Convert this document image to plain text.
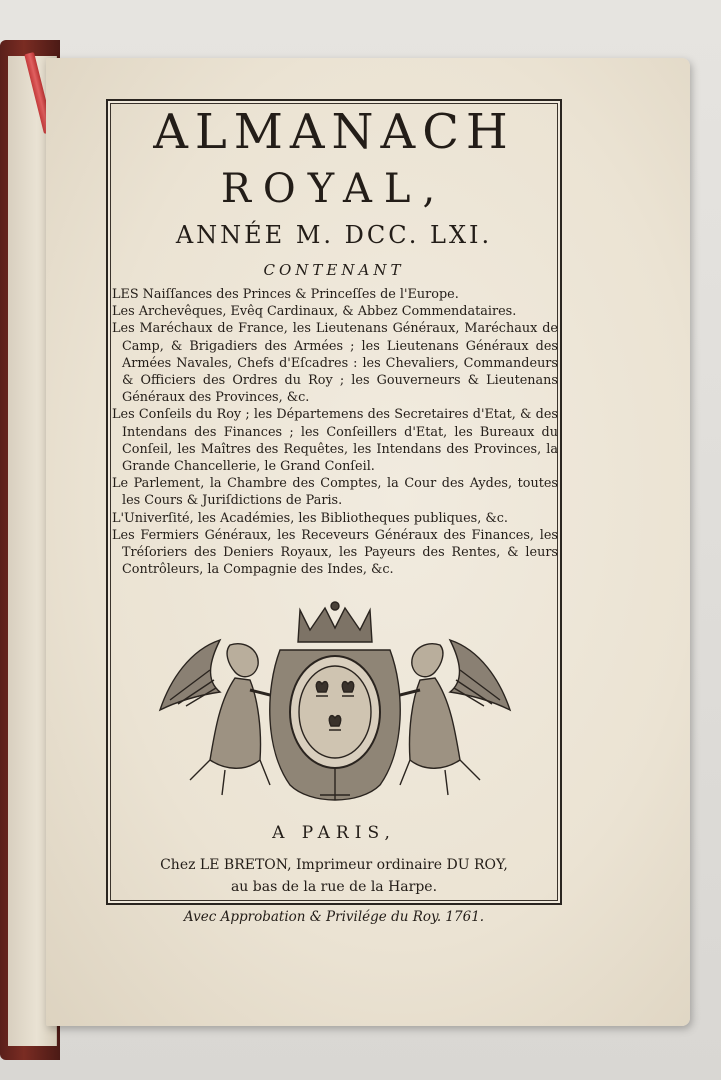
ALMANACH
ROYAL,
ANNÉE M. DCC. LXI.
CONTENANT
LES Naiſſances des Princes & Princeſſes de l'Europe.
Les Archevêques, Evêq Cardinaux, & Abbez Commendataires.
Les Maréchaux de France, les Lieutenans Généraux, Maréchaux de Camp, & Brigadiers des Armées ; les Lieutenans Généraux des Armées Navales, Chefs d'Eſcadres : les Chevaliers, Commandeurs & Officiers des Ordres du Roy ; les Gouverneurs & Lieutenans Généraux des Provinces, &c.
Les Conſeils du Roy ; les Départemens des Secretaires d'Etat, & des Intendans des Finances ; les Conſeillers d'Etat, les Bureaux du Conſeil, les Maîtres des Requêtes, les Intendans des Provinces, la Grande Chancellerie, le Grand Conſeil.
Le Parlement, la Chambre des Comptes, la Cour des Aydes, toutes les Cours & Juriſdictions de Paris.
L'Univerſité, les Académies, les Bibliotheques publiques, &c.
Les Fermiers Généraux, les Receveurs Généraux des Finances, les Tréſoriers des Deniers Royaux, les Payeurs des Rentes, & leurs Contrôleurs, la Compagnie des Indes, &c.
A PARIS,
Chez LE BRETON, Imprimeur ordinaire DU ROY,
au bas de la rue de la Harpe.
Avec Approbation & Privilége du Roy. 1761.
